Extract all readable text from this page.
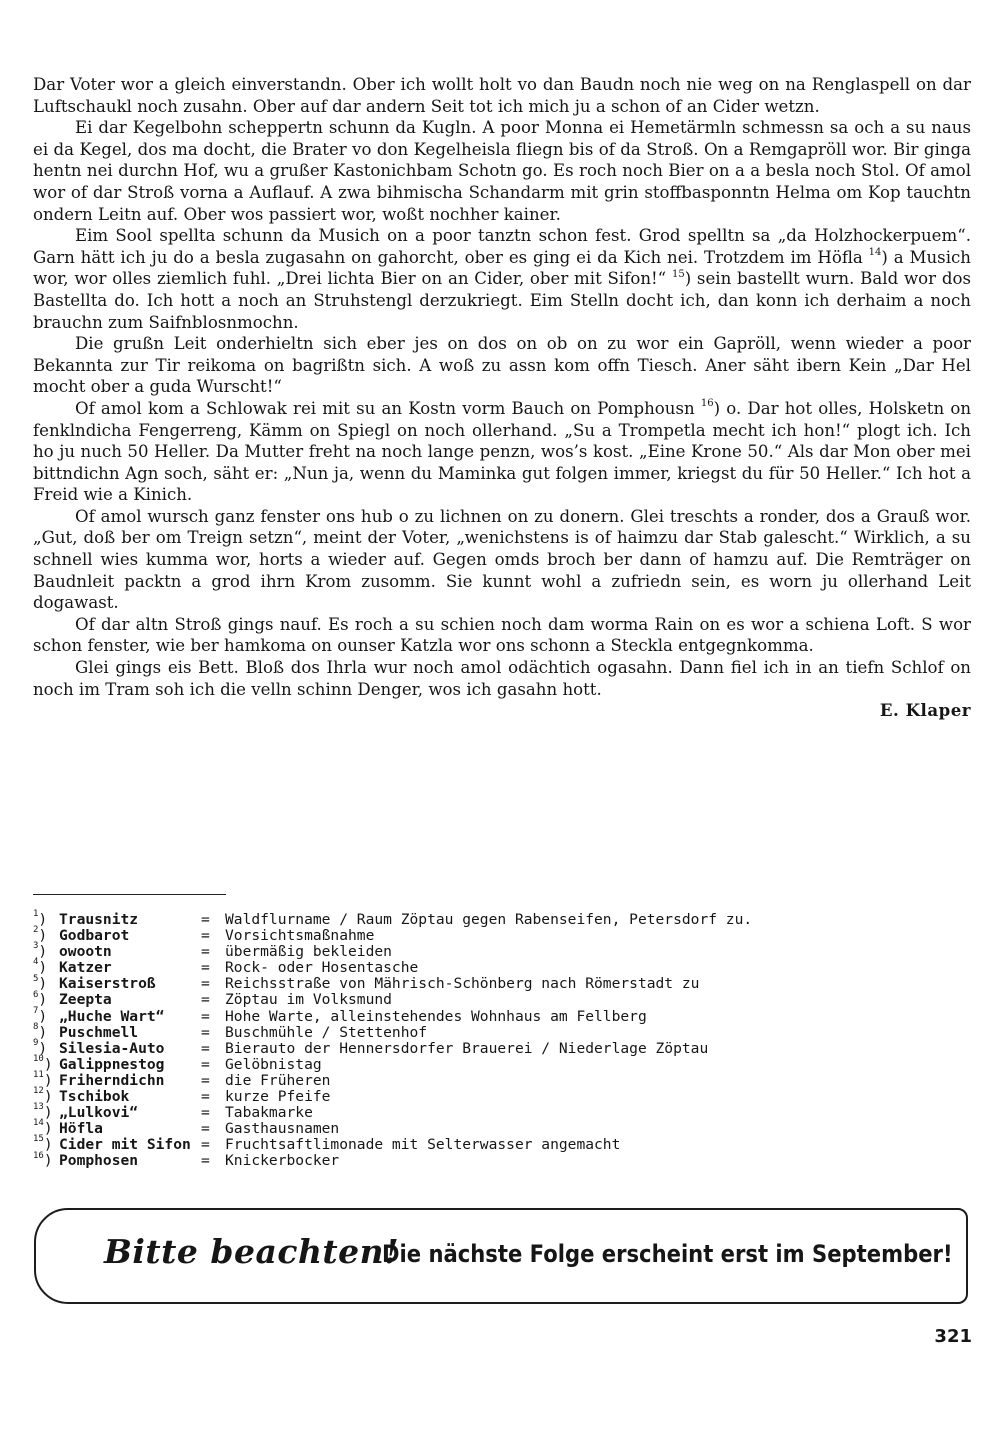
Dar Voter wor a gleich einverstandn. Ober ich wollt holt vo dan Baudn noch nie weg on na Renglaspell on dar Luftschaukl noch zusahn. Ober auf dar andern Seit tot ich mich ju a schon of an Cider wetzn.

Ei dar Kegelbohn scheppertn schunn da Kugln. A poor Monna ei Hemetärmln schmessn sa och a su naus ei da Kegel, dos ma docht, die Brater vo don Kegelheisla fliegn bis of da Stroß. On a Remgapröll wor. Bir ginga hentn nei durchn Hof, wu a grußer Kastonichbam Schotn go. Es roch noch Bier on a a besla noch Stol. Of amol wor of dar Stroß vorna a Auflauf. A zwa bihmischa Schandarm mit grin stoffbasponntn Helma om Kop tauchtn ondern Leitn auf. Ober wos passiert wor, woßt nochher kainer.

Eim Sool spellta schunn da Musich on a poor tanztn schon fest. Grod spelltn sa „da Holzhockerpuem“. Garn hätt ich ju do a besla zugasahn on gahorcht, ober es ging ei da Kich nei. Trotzdem im Höfla $^{14}$) a Musich wor, wor olles ziemlich fuhl. „Drei lichta Bier on an Cider, ober mit Sifon!“ $^{15}$) sein bastellt wurn. Bald wor dos Bastellta do. Ich hott a noch an Struhstengl derzukriegt. Eim Stelln docht ich, dan konn ich derhaim a noch brauchn zum Saifnblosnmochn.

Die grußn Leit onderhieltn sich eber jes on dos on ob on zu wor ein Gapröll, wenn wieder a poor Bekannta zur Tir reikoma on bagrißtn sich. A woß zu assn kom offn Tiesch. Aner säht ibern Kein „Dar Hel mocht ober a guda Wurscht!“

Of amol kom a Schlowak rei mit su an Kostn vorm Bauch on Pomphousn $^{16}$) o. Dar hot olles, Holsketn on fenklndicha Fengerreng, Kämm on Spiegl on noch ollerhand. „Su a Trompetla mecht ich hon!“ plogt ich. Ich ho ju nuch 50 Heller. Da Mutter freht na noch lange penzn, wos’s kost. „Eine Krone 50.“ Als dar Mon ober mei bittndichn Agn soch, säht er: „Nun ja, wenn du Maminka gut folgen immer, kriegst du für 50 Heller.“ Ich hot a Freid wie a Kinich.

Of amol wursch ganz fenster ons hub o zu lichnen on zu donern. Glei treschts a ronder, dos a Grauß wor. „Gut, doß ber om Treign setzn“, meint der Voter, „wenichstens is of haimzu dar Stab galescht.“ Wirklich, a su schnell wies kumma wor, horts a wieder auf. Gegen omds broch ber dann of hamzu auf. Die Remträger on Baudnleit packtn a grod ihrn Krom zusomm. Sie kunnt wohl a zufriedn sein, es worn ju ollerhand Leit dogawast.

Of dar altn Stroß gings nauf. Es roch a su schien noch dam worma Rain on es wor a schiena Loft. S wor schon fenster, wie ber hamkoma on ounser Katzla wor ons schonn a Steckla entgegnkomma.

Glei gings eis Bett. Bloß dos Ihrla wur noch amol odächtich ogasahn. Dann fiel ich in an tiefn Schlof on noch im Tram soh ich die velln schinn Denger, wos ich gasahn hott.

E. Klaper

$^1$) Trausnitz	= Waldflurname / Raum Zöptau gegen Rabenseifen, Petersdorf zu.
$^2$) Godbarot	= Vorsichtsmaßnahme
$^3$) owootn	= übermäßig bekleiden
$^4$) Katzer	= Rock- oder Hosentasche
$^5$) Kaiserstroß	= Reichsstraße von Mährisch-Schönberg nach Römerstadt zu
$^6$) Zeepta	= Zöptau im Volksmund
$^7$) „Huche Wart“	= Hohe Warte, alleinstehendes Wohnhaus am Fellberg
$^8$) Puschmell	= Buschmühle / Stettenhof
$^9$) Silesia-Auto	= Bierauto der Hennersdorfer Brauerei / Niederlage Zöptau
$^{10}$) Galippnestog	= Gelöbnistag
$^{11}$) Friherndichn	= die Früheren
$^{12}$) Tschibok	= kurze Pfeife
$^{13}$) „Lulkovi“	= Tabakmarke
$^{14}$) Höfla	= Gasthausnamen
$^{15}$) Cider mit Sifon = Fruchtsaftlimonade mit Selterwasser angemacht
$^{16}$) Pomphosen	= Knickerbocker
Bitte beachten!
Die nächste Folge erscheint erst im September!
321
